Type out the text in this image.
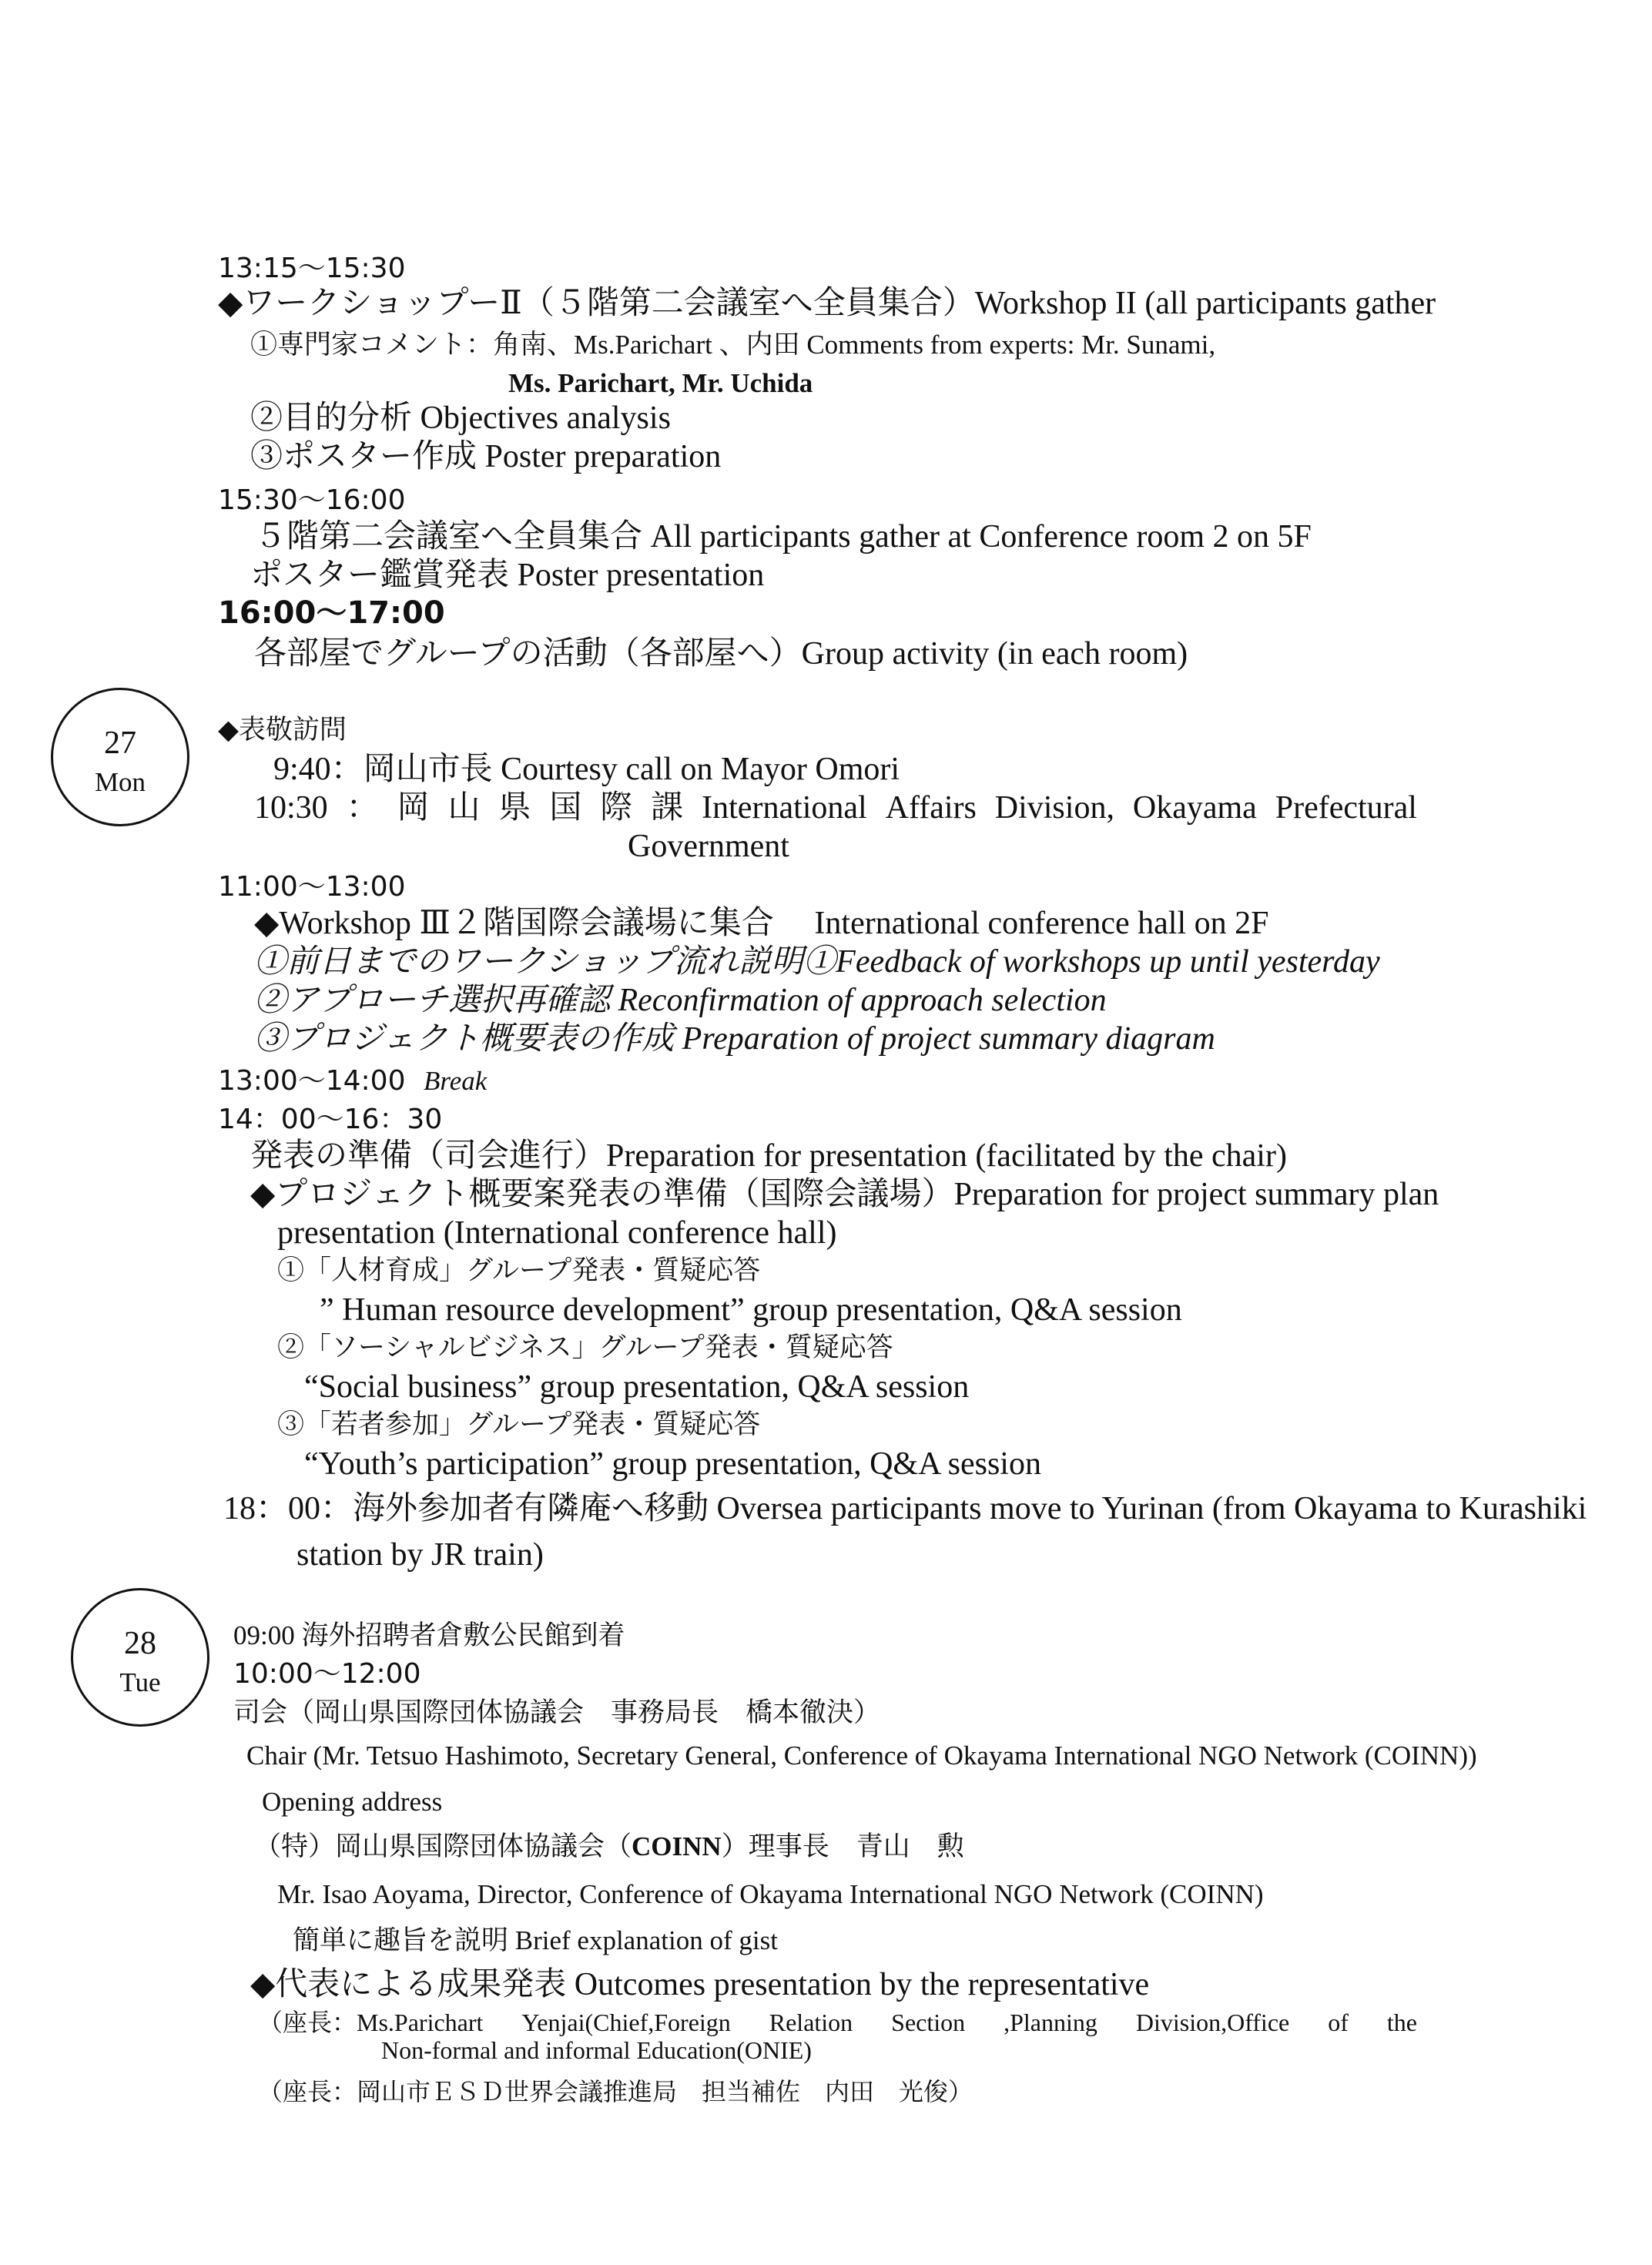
13:15～15:30
◆ワークショップーⅡ（５階第二会議室へ全員集合）Workshop II (all participants gather
①専門家コメント：角南、Ms.Parichart 、内田 Comments from experts: Mr. Sunami,
Ms. Parichart, Mr. Uchida
②目的分析 Objectives analysis
③ポスター作成 Poster preparation
15:30～16:00
５階第二会議室へ全員集合 All participants gather at Conference room 2 on 5F
ポスター鑑賞発表 Poster presentation
16:00～17:00
各部屋でグループの活動（各部屋へ）Group activity (in each room)
27
Mon
◆表敬訪問
9:40：岡山市長 Courtesy call on Mayor Omori
10:30 ： 岡 山 県 国 際 課 International Affairs Division, Okayama Prefectural
Government
11:00～13:00
◆Workshop Ⅲ２階国際会議場に集合　 International conference hall on 2F
①前日までのワークショップ流れ説明①Feedback of workshops up until yesterday
②アプローチ選択再確認 Reconfirmation of approach selection
③プロジェクト概要表の作成 Preparation of project summary diagram
13:00～14:00 Break
14：00～16：30
発表の準備（司会進行）Preparation for presentation (facilitated by the chair)
◆プロジェクト概要案発表の準備（国際会議場）Preparation for project summary plan
presentation (International conference hall)
①「人材育成」グループ発表・質疑応答
” Human resource development” group presentation, Q&A session
②「ソーシャルビジネス」グループ発表・質疑応答
“Social business” group presentation, Q&A session
③「若者参加」グループ発表・質疑応答
“Youth’s participation” group presentation, Q&A session
18：00：海外参加者有隣庵へ移動 Oversea participants move to Yurinan (from Okayama to Kurashiki
station by JR train)
28
Tue
09:00 海外招聘者倉敷公民館到着
10:00～12:00
司会（岡山県国際団体協議会　事務局長　橋本徹決）
Chair (Mr. Tetsuo Hashimoto, Secretary General, Conference of Okayama International NGO Network (COINN))
Opening address
（特）岡山県国際団体協議会（COINN）理事長　青山　勲
Mr. Isao Aoyama, Director, Conference of Okayama International NGO Network (COINN)
簡単に趣旨を説明 Brief explanation of gist
◆代表による成果発表 Outcomes presentation by the representative
（座長：Ms.Parichart Yenjai(Chief,Foreign Relation Section ,Planning Division,Office of the
Non-formal and informal Education(ONIE)
（座長：岡山市ＥＳＤ世界会議推進局　担当補佐　内田　光俊）
